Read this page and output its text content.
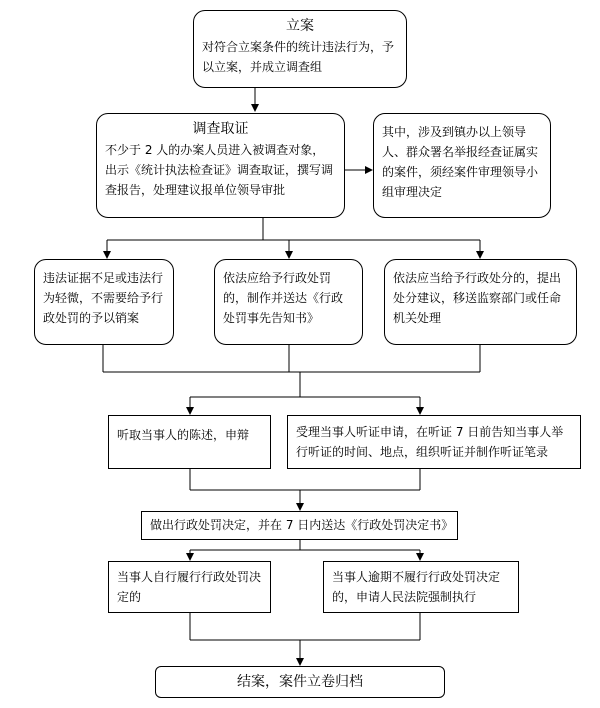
立案
对符合立案条件的统计违法行为，予以立案，并成立调查组
调查取证
不少于 2 人的办案人员进入被调查对象，出示《统计执法检查证》调查取证，撰写调查报告，处理建议报单位领导审批
其中，涉及到镇办以上领导人、群众署名举报经查证属实的案件，须经案件审理领导小组审理决定
违法证据不足或违法行为轻微，不需要给予行政处罚的予以销案
依法应给予行政处罚的，制作并送达《行政处罚事先告知书》
依法应当给予行政处分的，提出处分建议，移送监察部门或任命机关处理
听取当事人的陈述，申辩	受理当事人听证申请，在听证 7 日前告知当事人举行听证的时间、地点，组织听证并制作听证笔录
做出行政处罚决定，并在 7 日内送达《行政处罚决定书》
当事人自行履行行政处罚决定的
当事人逾期不履行行政处罚决定的，申请人民法院强制执行
结案，案件立卷归档
